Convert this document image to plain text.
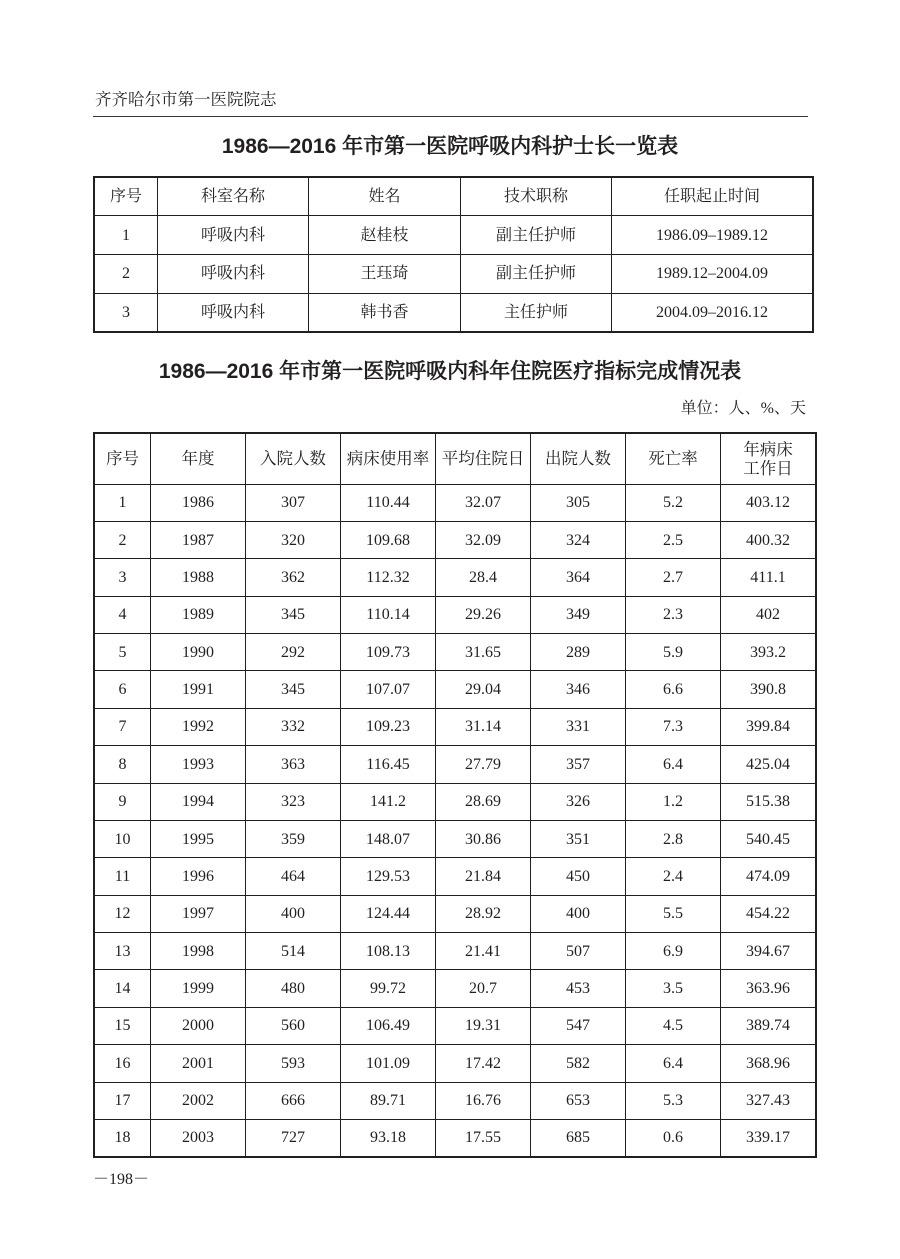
齐齐哈尔市第一医院院志
1986—2016 年市第一医院呼吸内科护士长一览表
序号	科室名称	姓名	技术职称	任职起止时间
1	呼吸内科	赵桂枝	副主任护师	1986.09–1989.12
2	呼吸内科	王珏琦	副主任护师	1989.12–2004.09
3	呼吸内科	韩书香	主任护师	2004.09–2016.12
1986—2016 年市第一医院呼吸内科年住院医疗指标完成情况表
单位：人、%、天
序号	年度	入院人数	病床使用率	平均住院日	出院人数	死亡率	年病床
工作日
1	1986	307	110.44	32.07	305	5.2	403.12
2	1987	320	109.68	32.09	324	2.5	400.32
3	1988	362	112.32	28.4	364	2.7	411.1
4	1989	345	110.14	29.26	349	2.3	402
5	1990	292	109.73	31.65	289	5.9	393.2
6	1991	345	107.07	29.04	346	6.6	390.8
7	1992	332	109.23	31.14	331	7.3	399.84
8	1993	363	116.45	27.79	357	6.4	425.04
9	1994	323	141.2	28.69	326	1.2	515.38
10	1995	359	148.07	30.86	351	2.8	540.45
11	1996	464	129.53	21.84	450	2.4	474.09
12	1997	400	124.44	28.92	400	5.5	454.22
13	1998	514	108.13	21.41	507	6.9	394.67
14	1999	480	99.72	20.7	453	3.5	363.96
15	2000	560	106.49	19.31	547	4.5	389.74
16	2001	593	101.09	17.42	582	6.4	368.96
17	2002	666	89.71	16.76	653	5.3	327.43
18	2003	727	93.18	17.55	685	0.6	339.17
－198－
